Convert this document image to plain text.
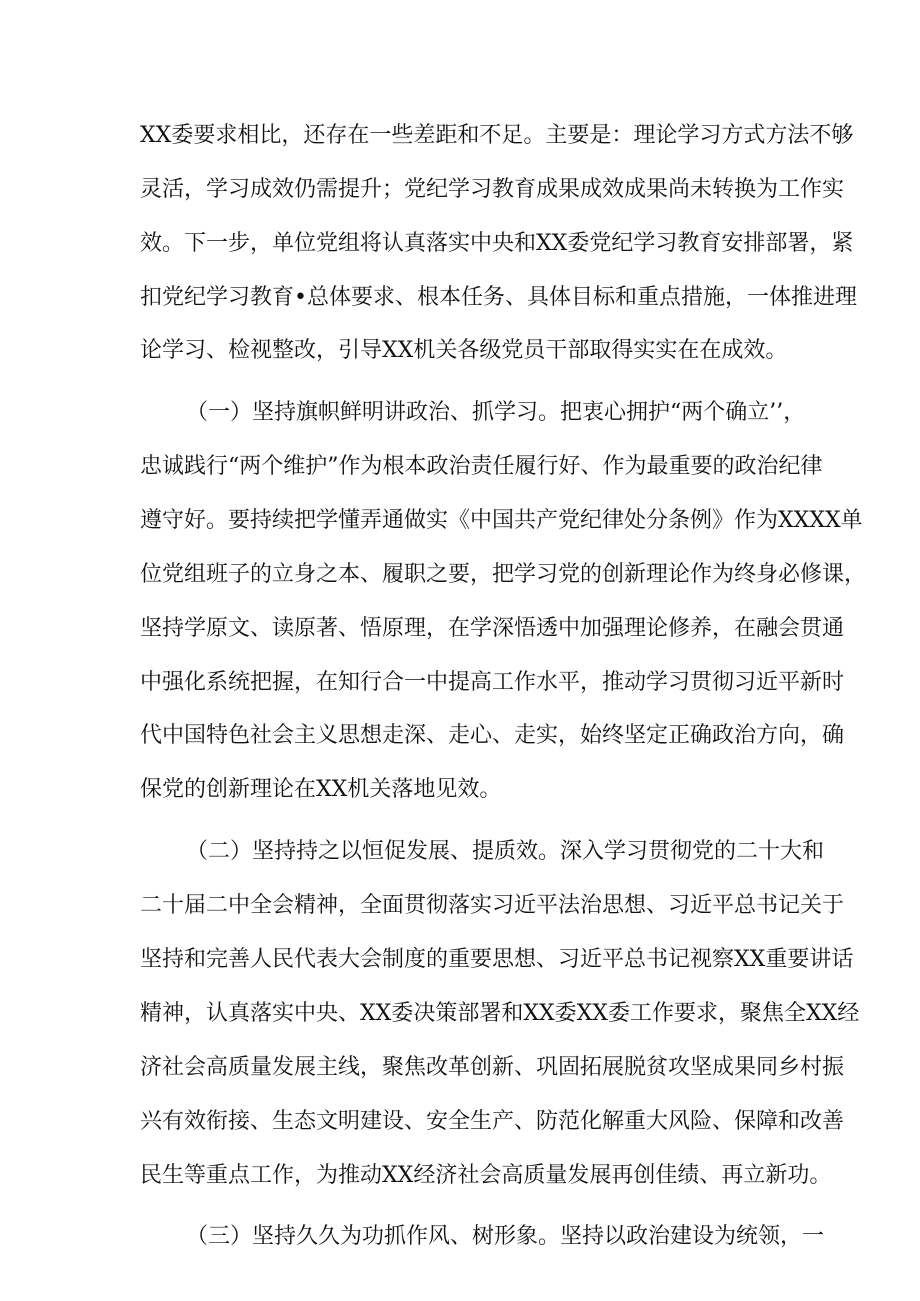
XX委要求相比，还存在一些差距和不足。主要是：理论学习方式方法不够

灵活，学习成效仍需提升；党纪学习教育成果成效成果尚未转换为工作实

效。下一步，单位党组将认真落实中央和XX委党纪学习教育安排部署，紧

扣党纪学习教育•总体要求、根本任务、具体目标和重点措施，一体推进理

论学习、检视整改，引导XX机关各级党员干部取得实实在在成效。

（一）坚持旗帜鲜明讲政治、抓学习。把衷心拥护“两个确立’’，

忠诚践行“两个维护”作为根本政治责任履行好、作为最重要的政治纪律

遵守好。要持续把学懂弄通做实《中国共产党纪律处分条例》作为XXXX单

位党组班子的立身之本、履职之要，把学习党的创新理论作为终身必修课，

坚持学原文、读原著、悟原理，在学深悟透中加强理论修养，在融会贯通

中强化系统把握，在知行合一中提高工作水平，推动学习贯彻习近平新时

代中国特色社会主义思想走深、走心、走实，始终坚定正确政治方向，确

保党的创新理论在XX机关落地见效。

（二）坚持持之以恒促发展、提质效。深入学习贯彻党的二十大和

二十届二中全会精神，全面贯彻落实习近平法治思想、习近平总书记关于

坚持和完善人民代表大会制度的重要思想、习近平总书记视察XX重要讲话

精神，认真落实中央、XX委决策部署和XX委XX委工作要求，聚焦全XX经

济社会高质量发展主线，聚焦改革创新、巩固拓展脱贫攻坚成果同乡村振

兴有效衔接、生态文明建设、安全生产、防范化解重大风险、保障和改善

民生等重点工作，为推动XX经济社会高质量发展再创佳绩、再立新功。

（三）坚持久久为功抓作风、树形象。坚持以政治建设为统领，一
